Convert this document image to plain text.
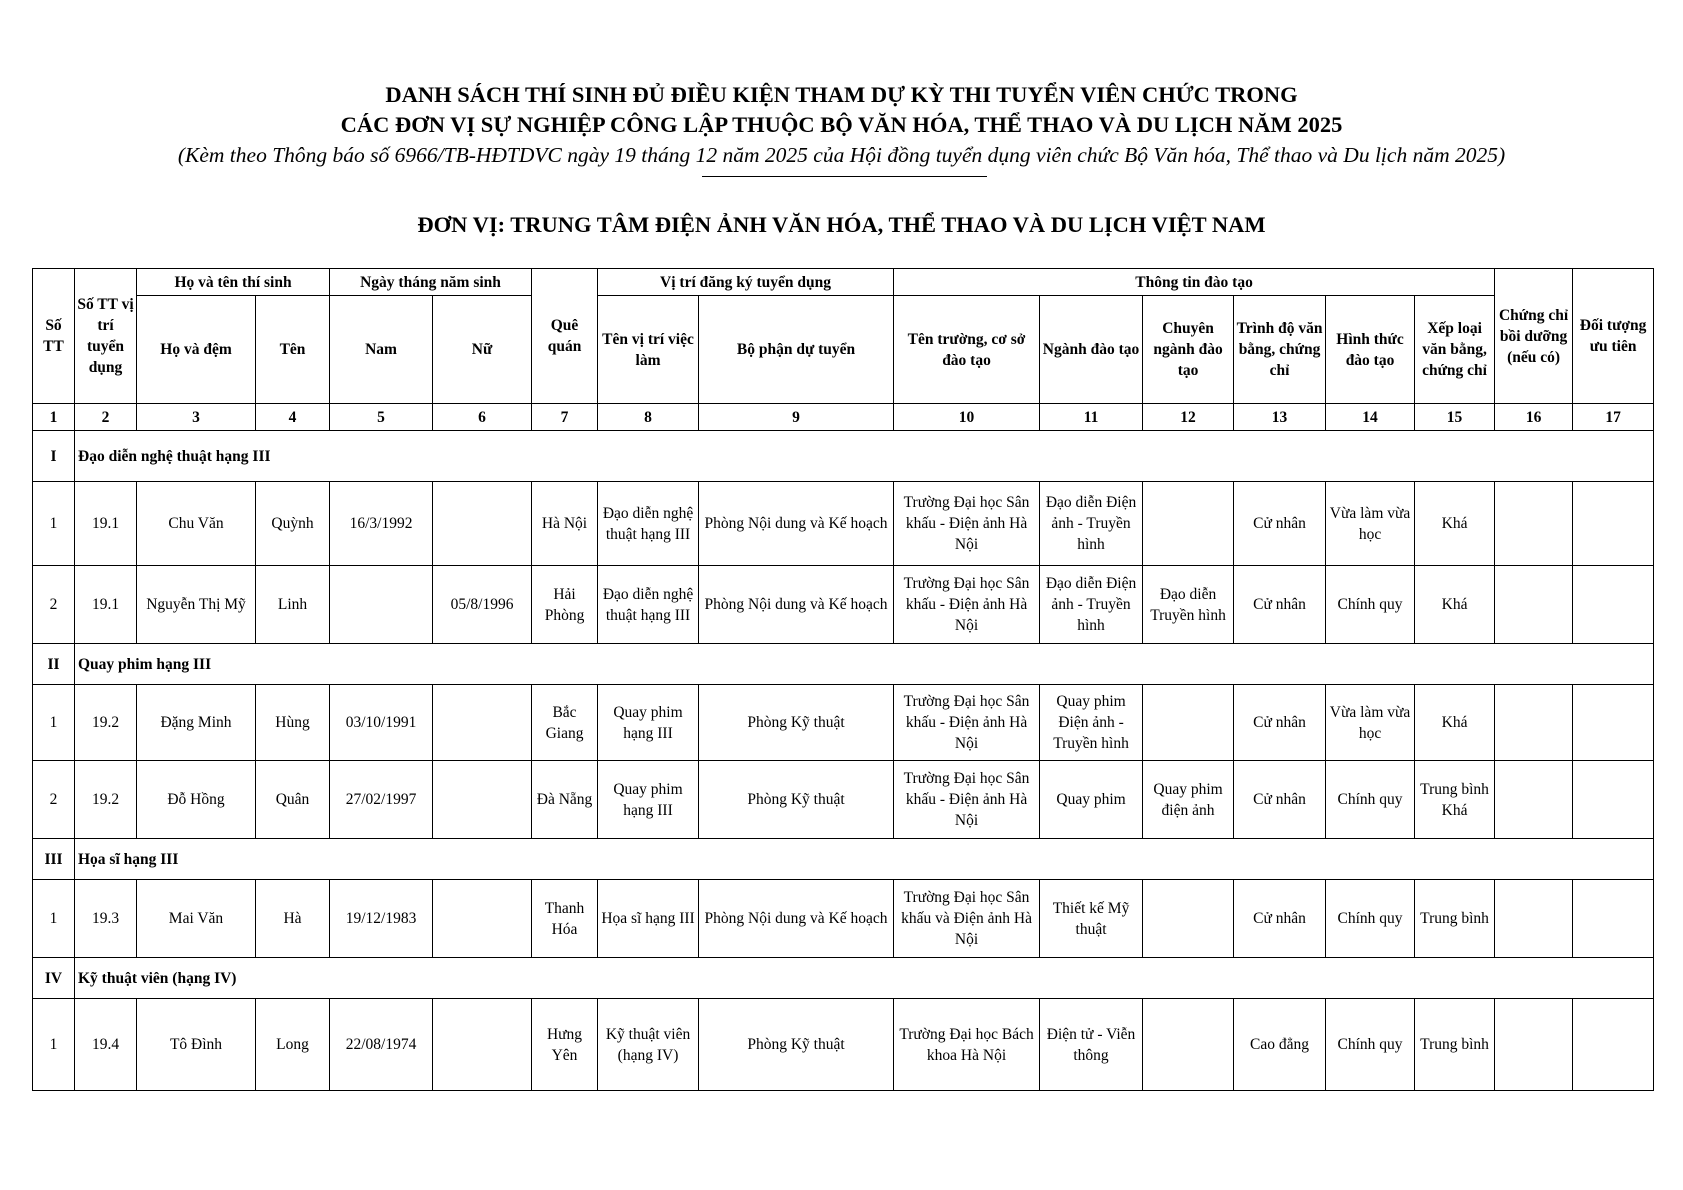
DANH SÁCH THÍ SINH ĐỦ ĐIỀU KIỆN THAM DỰ KỲ THI TUYỂN VIÊN CHỨC TRONG

CÁC ĐƠN VỊ SỰ NGHIỆP CÔNG LẬP THUỘC BỘ VĂN HÓA, THỂ THAO VÀ DU LỊCH NĂM 2025

(Kèm theo Thông báo số 6966/TB-HĐTDVC ngày 19 tháng 12 năm 2025 của Hội đồng tuyển dụng viên chức Bộ Văn hóa, Thể thao và Du lịch năm 2025)

ĐƠN VỊ: TRUNG TÂM ĐIỆN ẢNH VĂN HÓA, THỂ THAO VÀ DU LỊCH VIỆT NAM

Số TT	Số TT vị trí tuyển dụng	Họ và tên thí sinh		Ngày tháng năm sinh		Quê quán	Vị trí đăng ký tuyển dụng		Thông tin đào tạo						Chứng chỉ bồi dưỡng (nếu có)	Đối tượng ưu tiên
		Họ và đệm	Tên	Nam	Nữ		Tên vị trí việc làm	Bộ phận dự tuyển	Tên trường, cơ sở đào tạo	Ngành đào tạo	Chuyên ngành đào tạo	Trình độ văn bằng, chứng chỉ	Hình thức đào tạo	Xếp loại văn bằng, chứng chỉ		
1	2	3	4	5	6	7	8	9	10	11	12	13	14	15	16	17
I	Đạo diễn nghệ thuật hạng III															
1	19.1	Chu Văn	Quỳnh	16/3/1992		Hà Nội	Đạo diễn nghệ thuật hạng III	Phòng Nội dung và Kế hoạch	Trường Đại học Sân khấu - Điện ảnh Hà Nội	Đạo diễn Điện ảnh - Truyền hình		Cử nhân	Vừa làm vừa học	Khá		
2	19.1	Nguyễn Thị Mỹ	Linh		05/8/1996	Hải Phòng	Đạo diễn nghệ thuật hạng III	Phòng Nội dung và Kế hoạch	Trường Đại học Sân khấu - Điện ảnh Hà Nội	Đạo diễn Điện ảnh - Truyền hình	Đạo diễn Truyền hình	Cử nhân	Chính quy	Khá		
II	Quay phim hạng III															
1	19.2	Đặng Minh	Hùng	03/10/1991		Bắc Giang	Quay phim hạng III	Phòng Kỹ thuật	Trường Đại học Sân khấu - Điện ảnh Hà Nội	Quay phim Điện ảnh - Truyền hình		Cử nhân	Vừa làm vừa học	Khá		
2	19.2	Đỗ Hồng	Quân	27/02/1997		Đà Nẵng	Quay phim hạng III	Phòng Kỹ thuật	Trường Đại học Sân khấu - Điện ảnh Hà Nội	Quay phim	Quay phim điện ảnh	Cử nhân	Chính quy	Trung bình Khá		
III	Họa sĩ hạng III															
1	19.3	Mai Văn	Hà	19/12/1983		Thanh Hóa	Họa sĩ hạng III	Phòng Nội dung và Kế hoạch	Trường Đại học Sân khấu và Điện ảnh Hà Nội	Thiết kế Mỹ thuật		Cử nhân	Chính quy	Trung bình		
IV	Kỹ thuật viên (hạng IV)															
1	19.4	Tô Đình	Long	22/08/1974		Hưng Yên	Kỹ thuật viên (hạng IV)	Phòng Kỹ thuật	Trường Đại học Bách khoa Hà Nội	Điện tử - Viễn thông		Cao đẳng	Chính quy	Trung bình		
